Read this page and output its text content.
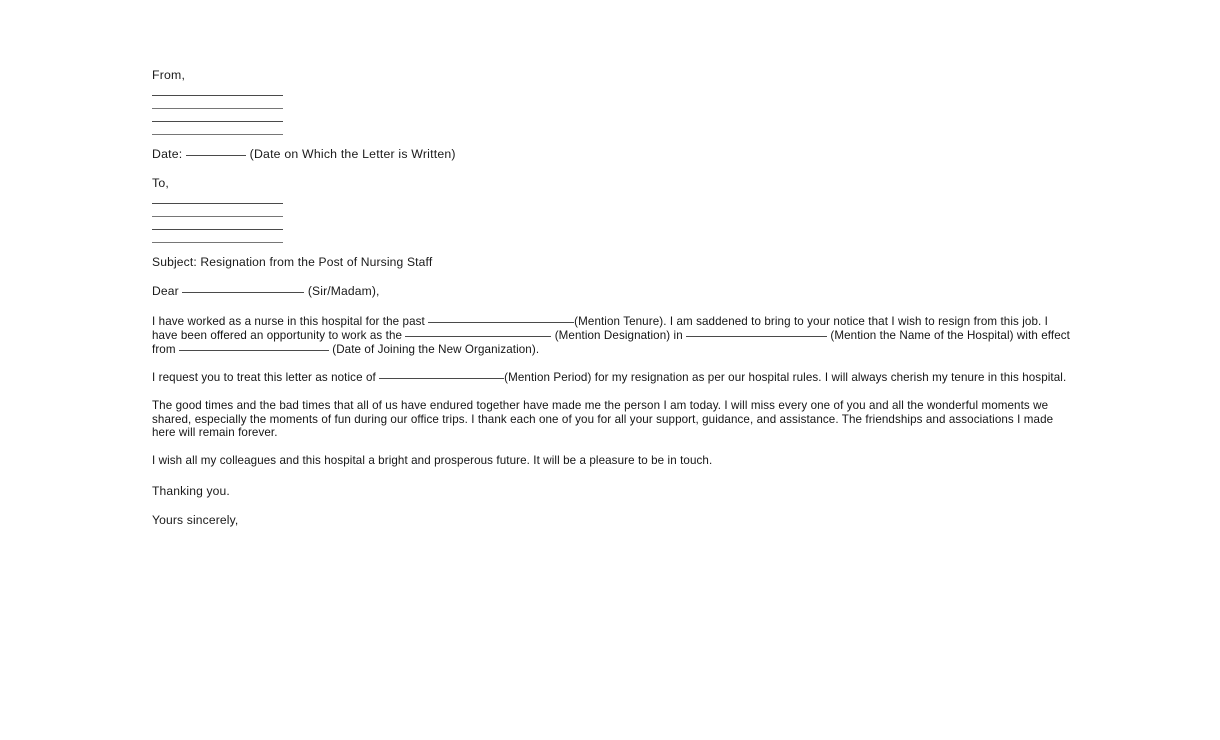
From,
Date:	(Date on Which the Letter is Written)
To,
Subject: Resignation from the Post of Nursing Staff
Dear	(Sir/Madam),
I have worked as a nurse in this hospital for the past	(Mention Tenure). I am saddened to bring to your notice that I wish to resign from this job. I have been offered an opportunity to work as the	(Mention Designation) in	(Mention the Name of the Hospital) with effect from	(Date of Joining the New Organization).
I request you to treat this letter as notice of	(Mention Period) for my resignation as per our hospital rules. I will always cherish my tenure in this hospital.
The good times and the bad times that all of us have endured together have made me the person I am today. I will miss every one of you and all the wonderful moments we shared, especially the moments of fun during our office trips. I thank each one of you for all your support, guidance, and assistance. The friendships and associations I made here will remain forever.
I wish all my colleagues and this hospital a bright and prosperous future. It will be a pleasure to be in touch.
Thanking you.
Yours sincerely,
